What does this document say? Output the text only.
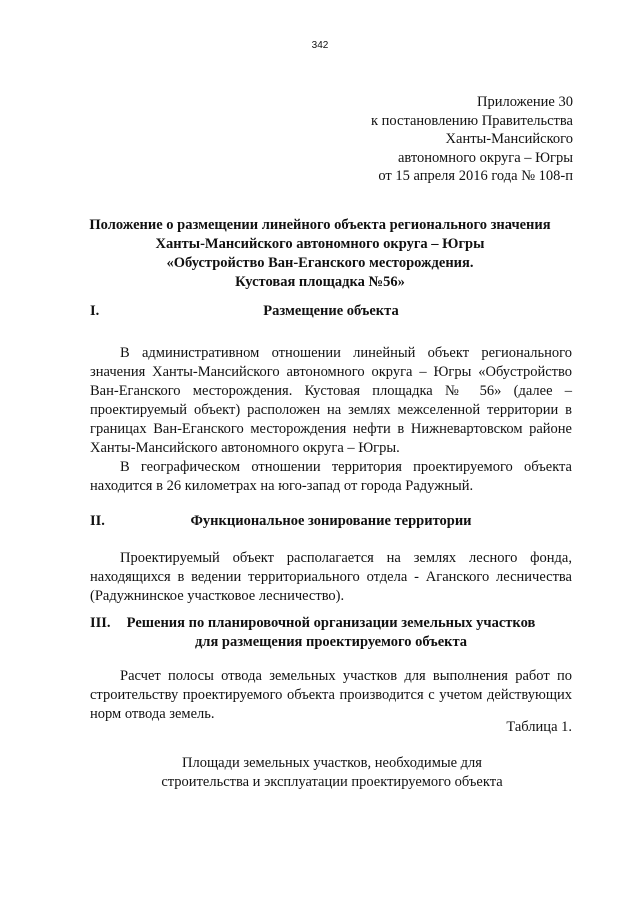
342
Приложение 30
к постановлению Правительства
Ханты-Мансийского
автономного округа – Югры
от 15 апреля 2016 года № 108-п
Положение о размещении линейного объекта регионального значения
Ханты-Мансийского автономного округа – Югры
«Обустройство Ван-Еганского месторождения.
Кустовая площадка №56»
I.	Размещение объекта

В административном отношении линейный объект регионального значения Ханты-Мансийского автономного округа – Югры «Обустройство Ван-Еганского месторождения. Кустовая площадка № 56» (далее – проектируемый объект) расположен на землях межселенной территории в границах Ван-Еганского месторождения нефти в Нижневартовском районе Ханты-Мансийского автономного округа – Югры.

В географическом отношении территория проектируемого объекта находится в 26 километрах на юго-запад от города Радужный.

II.	Функциональное зонирование территории

Проектируемый объект располагается на землях лесного фонда, находящихся в ведении территориального отдела - Аганского лесничества (Радужнинское участковое лесничество).

III.	Решения по планировочной организации земельных участков
для размещения проектируемого объекта

Расчет полосы отвода земельных участков для выполнения работ по строительству проектируемого объекта производится с учетом действующих норм отвода земель.

Таблица 1.
Площади земельных участков, необходимые для
строительства и эксплуатации проектируемого объекта
